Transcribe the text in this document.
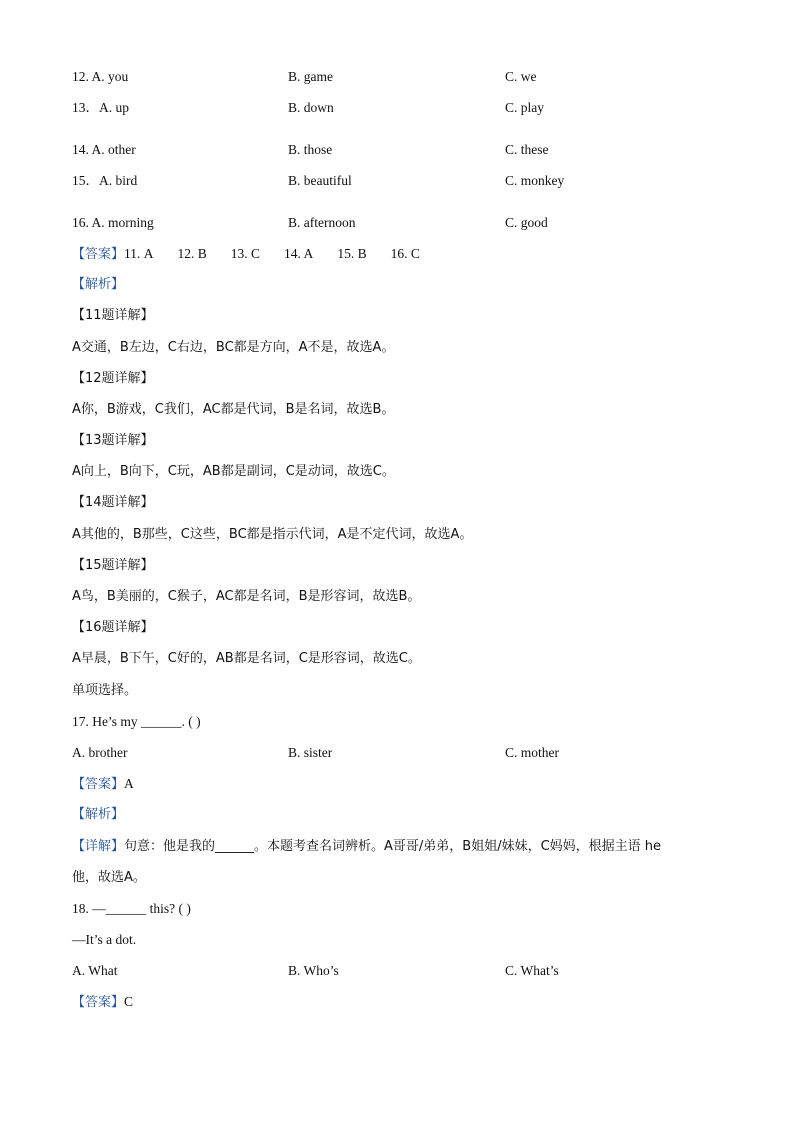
12. A. you	B. game	C. we
13．A. up	B. down	C. play
14. A. other	B. those	C. these
15．A. bird	B. beautiful	C. monkey
16. A. morning	B. afternoon	C. good
【答案】11. A 12. B 13. C 14. A 15. B 16. C
【解析】
【11题详解】
A交通，B左边，C右边，BC都是方向，A不是，故选A。
【12题详解】
A你，B游戏，C我们，AC都是代词，B是名词，故选B。
【13题详解】
A向上，B向下，C玩，AB都是副词，C是动词，故选C。
【14题详解】
A其他的，B那些，C这些，BC都是指示代词，A是不定代词，故选A。
【15题详解】
A鸟，B美丽的，C猴子，AC都是名词，B是形容词，故选B。
【16题详解】
A早晨，B下午，C好的，AB都是名词，C是形容词，故选C。
单项选择。
17. He’s my ______. ( )
A. brother	B. sister	C. mother
【答案】A
【解析】
【详解】句意：他是我的______。本题考查名词辨析。A哥哥/弟弟，B姐姐/妹妹，C妈妈，根据主语 he
他，故选A。
18. —______ this? ( )
—It’s a dot.
A. What	B. Who’s	C. What’s
【答案】C
